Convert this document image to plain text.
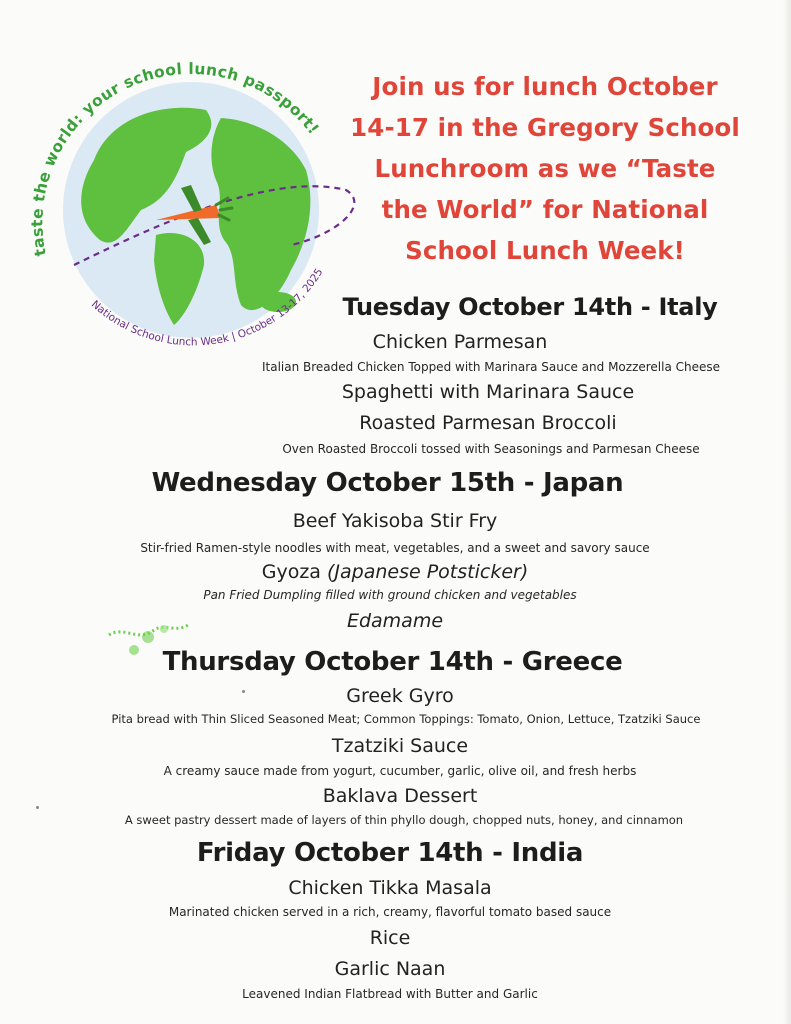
taste the world: your school lunch passport!
National School Lunch Week | October 13-17, 2025
Join us for lunch October
14-17 in the Gregory School
Lunchroom as we “Taste
the World” for National
School Lunch Week!
Tuesday October 14th - Italy
Chicken Parmesan
Italian Breaded Chicken Topped with Marinara Sauce and Mozzerella Cheese
Spaghetti with Marinara Sauce
Roasted Parmesan Broccoli
Oven Roasted Broccoli tossed with Seasonings and Parmesan Cheese
Wednesday October 15th - Japan
Beef Yakisoba Stir Fry
Stir-fried Ramen-style noodles with meat, vegetables, and a sweet and savory sauce
Gyoza (Japanese Potsticker)
Pan Fried Dumpling filled with ground chicken and vegetables
Edamame
Thursday October 14th - Greece
Greek Gyro
Pita bread with Thin Sliced Seasoned Meat; Common Toppings: Tomato, Onion, Lettuce, Tzatziki Sauce
Tzatziki Sauce
A creamy sauce made from yogurt, cucumber, garlic, olive oil, and fresh herbs
Baklava Dessert
A sweet pastry dessert made of layers of thin phyllo dough, chopped nuts, honey, and cinnamon
Friday October 14th - India
Chicken Tikka Masala
Marinated chicken served in a rich, creamy, flavorful tomato based sauce
Rice
Garlic Naan
Leavened Indian Flatbread with Butter and Garlic
